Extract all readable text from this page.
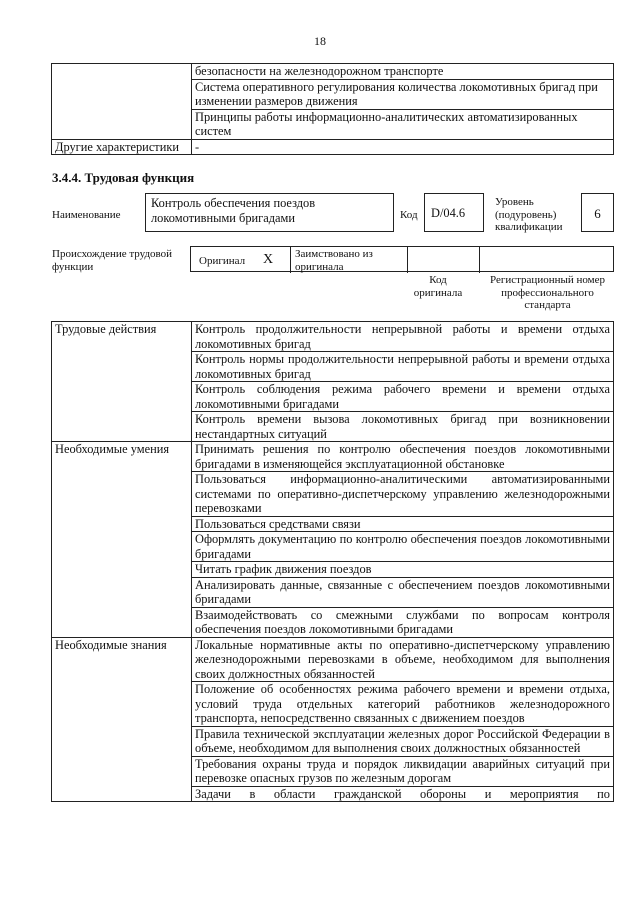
18
	безопасности на железнодорожном транспорте
	Система оперативного регулирования количества локомотивных бригад при изменении размеров движения
	Принципы работы информационно-аналитических автоматизированных систем
Другие характеристики	-
3.4.4. Трудовая функция
Наименование
Контроль обеспечения поездов локомотивными бригадами	Код	D/04.6
Уровень (подуровень) квалификации
6
Происхождение трудовой функции	Оригинал X Заимствовано из оригинала
Код оригинала
Регистрационный номер профессионального стандарта
Трудовые действия	Контроль продолжительности непрерывной работы и времени отдыха локомотивных бригад
	Контроль нормы продолжительности непрерывной работы и времени отдыха локомотивных бригад
	Контроль соблюдения режима рабочего времени и времени отдыха локомотивными бригадами
	Контроль времени вызова локомотивных бригад при возникновении нестандартных ситуаций
Необходимые умения	Принимать решения по контролю обеспечения поездов локомотивными бригадами в изменяющейся эксплуатационной обстановке
	Пользоваться информационно-аналитическими автоматизированными системами по оперативно-диспетчерскому управлению железнодорожными перевозками
	Пользоваться средствами связи
	Оформлять документацию по контролю обеспечения поездов локомотивными бригадами
	Читать график движения поездов
	Анализировать данные, связанные с обеспечением поездов локомотивными бригадами
	Взаимодействовать со смежными службами по вопросам контроля обеспечения поездов локомотивными бригадами
Необходимые знания	Локальные нормативные акты по оперативно-диспетчерскому управлению железнодорожными перевозками в объеме, необходимом для выполнения своих должностных обязанностей
	Положение об особенностях режима рабочего времени и времени отдыха, условий труда отдельных категорий работников железнодорожного транспорта, непосредственно связанных с движением поездов
	Правила технической эксплуатации железных дорог Российской Федерации в объеме, необходимом для выполнения своих должностных обязанностей
	Требования охраны труда и порядок ликвидации аварийных ситуаций при перевозке опасных грузов по железным дорогам
	Задачи в области гражданской обороны и мероприятия по
